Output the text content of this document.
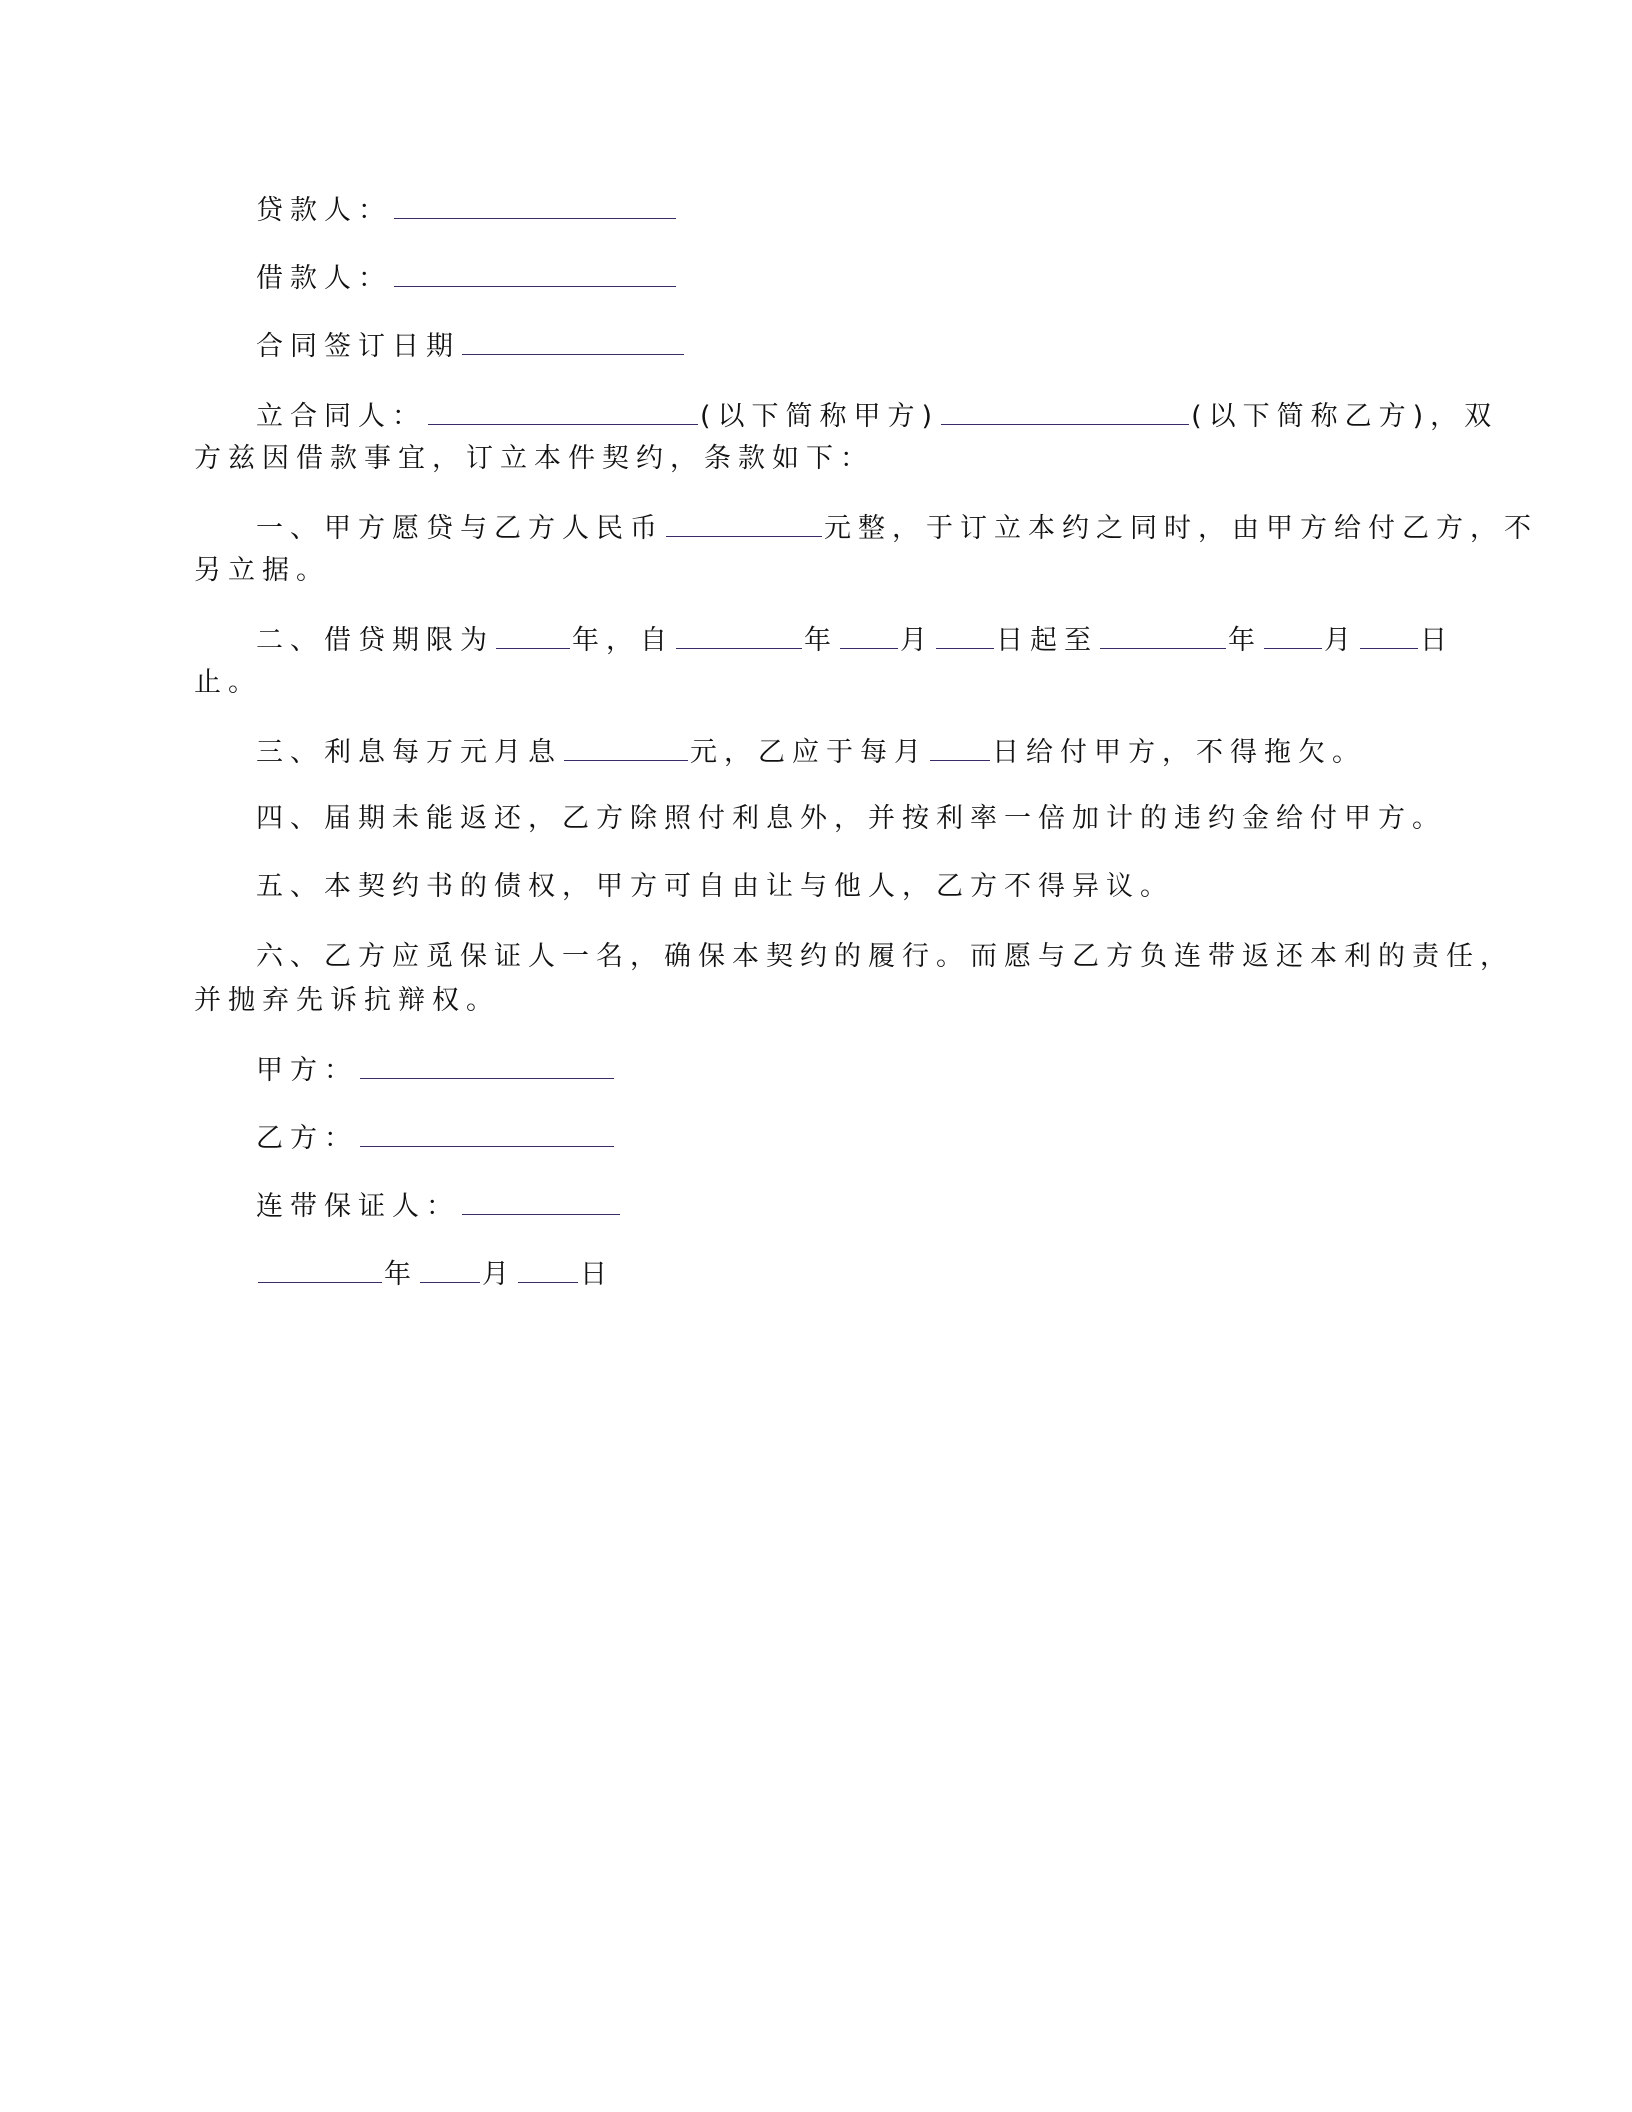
贷款人：
借款人：
合同签订日期
立合同人：	(以下简称甲方)	(以下简称乙方)，双
方兹因借款事宜，订立本件契约，条款如下：
一、甲方愿贷与乙方人民币	元整，于订立本约之同时，由甲方给付乙方，不
另立据。
二、借贷期限为	年，自	年 月 日起至	年 月 日
止。
三、利息每万元月息	元，乙应于每月 日给付甲方，不得拖欠。
四、届期未能返还，乙方除照付利息外，并按利率一倍加计的违约金给付甲方。
五、本契约书的债权，甲方可自由让与他人，乙方不得异议。
六、乙方应觅保证人一名，确保本契约的履行。而愿与乙方负连带返还本利的责任，
并抛弃先诉抗辩权。
甲方：
乙方：
连带保证人：
年 月 日
